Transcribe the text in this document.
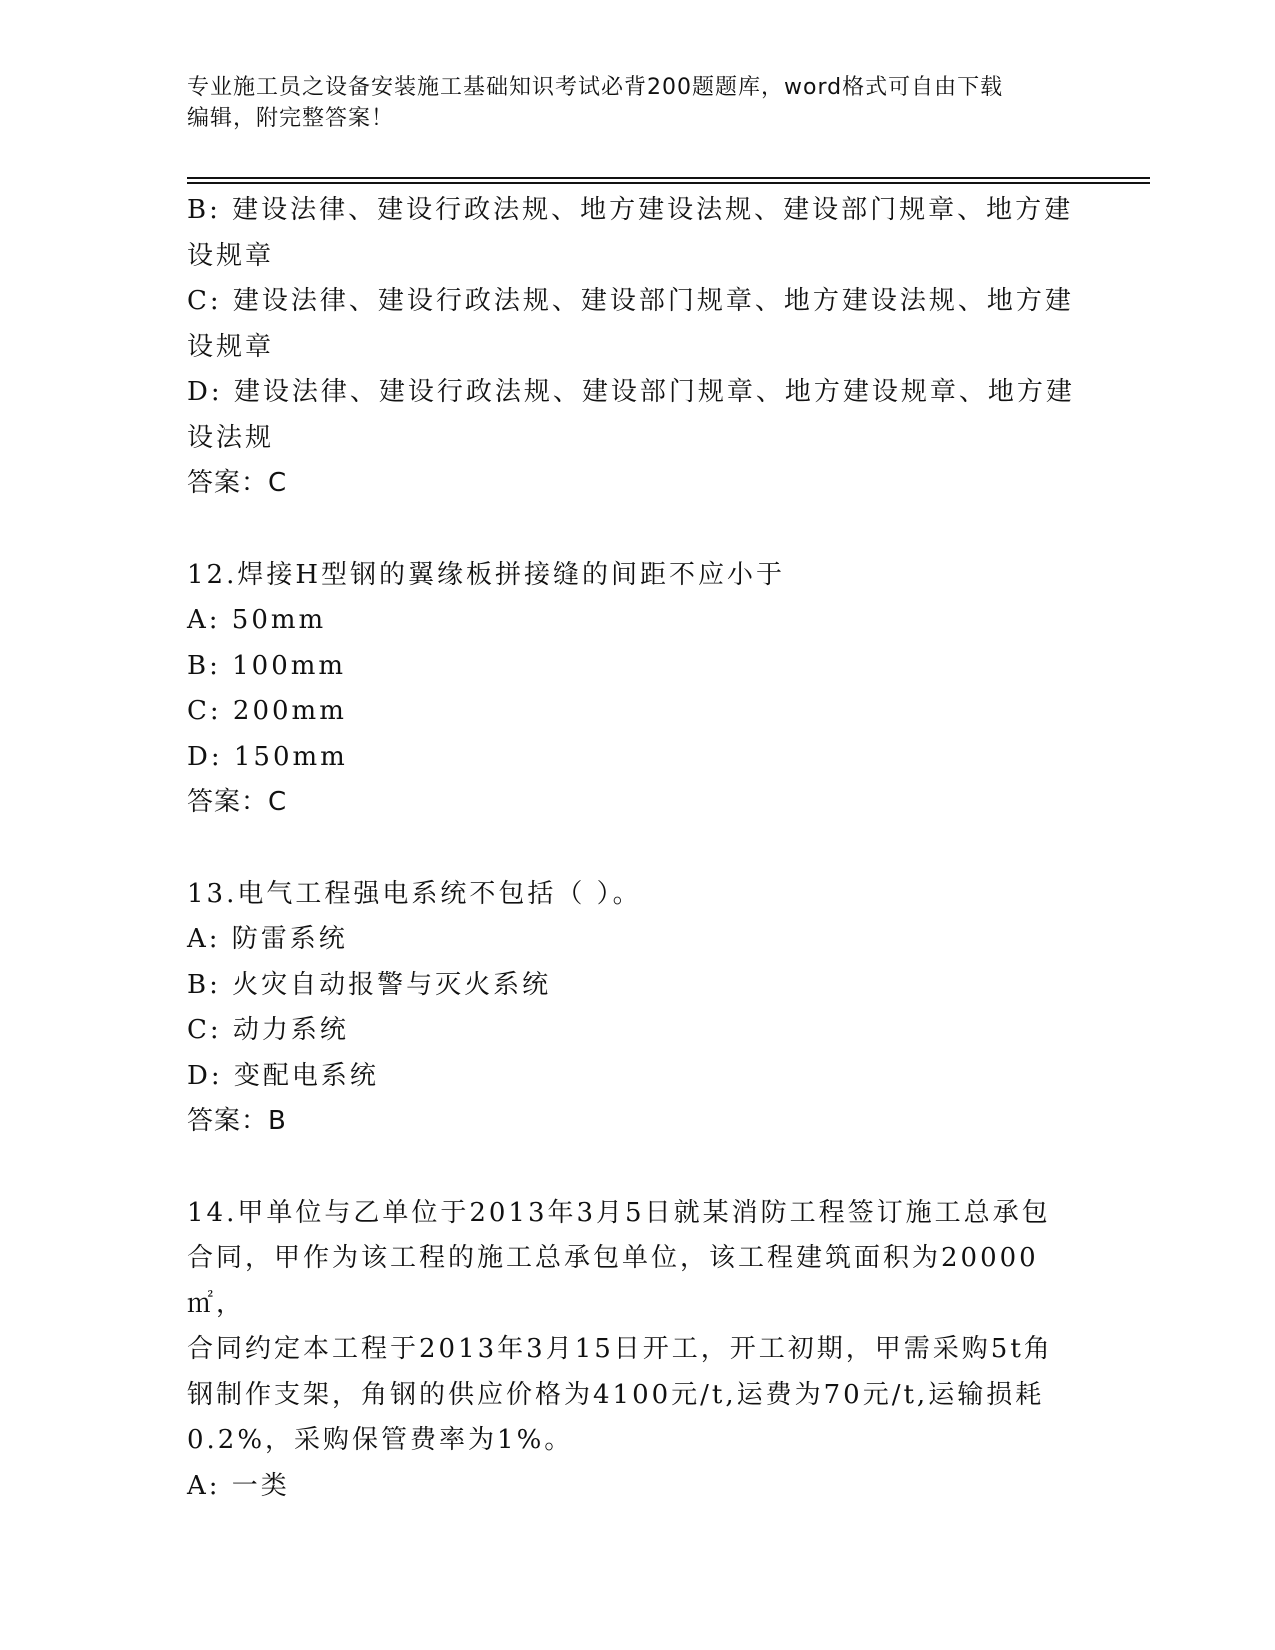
专业施工员之设备安装施工基础知识考试必背200题题库，word格式可自由下载
编辑，附完整答案！

B: 建设法律、建设行政法规、地方建设法规、建设部门规章、地方建

设规章

C: 建设法律、建设行政法规、建设部门规章、地方建设法规、地方建

设规章

D: 建设法律、建设行政法规、建设部门规章、地方建设规章、地方建

设法规

答案：C

12.焊接H型钢的翼缘板拼接缝的间距不应小于

A: 50mm

B: 100mm

C: 200mm

D: 150mm

答案：C

13.电气工程强电系统不包括（ ）。

A: 防雷系统

B: 火灾自动报警与灭火系统

C: 动力系统

D: 变配电系统

答案：B

14.甲单位与乙单位于2013年3月5日就某消防工程签订施工总承包

合同，甲作为该工程的施工总承包单位，该工程建筑面积为20000㎡，

合同约定本工程于2013年3月15日开工，开工初期，甲需采购5t角

钢制作支架，角钢的供应价格为4100元/t,运费为70元/t,运输损耗

0.2%，采购保管费率为1%。

A: 一类
